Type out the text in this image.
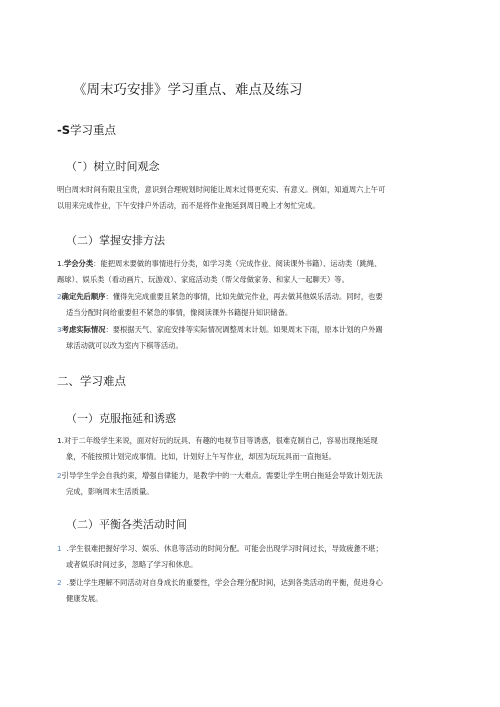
《周末巧安排》学习重点、难点及练习
-S学习重点
（¯）树立时间观念
明白周末时间有限且宝贵，意识到合理规划时间能让周末过得更充实、有意义。例如，知道周六上午可
以用来完成作业，下午安排户外活动，而不是将作业拖延到周日晚上才匆忙完成。
（二）掌握安排方法
1.学会分类：能把周末要做的事情进行分类，如学习类（完成作业、阅读课外书籍）、运动类（跳绳、
踢球）、娱乐类（看动画片、玩游戏）、家庭活动类（帮父母做家务、和家人一起聊天）等。
2确定先后顺序：懂得先完成重要且紧急的事情，比如先做完作业，再去做其他娱乐活动。同时，也要
适当分配时间给重要但不紧急的事情，像阅读课外书籍提升知识储备。
3考虑实际情况：要根据天气、家庭安排等实际情况调整周末计划。如果周末下雨，原本计划的户外踢
球活动就可以改为室内下棋等活动。
二、学习难点
（一）克服拖延和诱惑
1.对于二年级学生来说，面对好玩的玩具、有趣的电视节目等诱惑，很难克制自己，容易出现拖延现
象，不能按照计划完成事情。比如，计划好上午写作业，却因为玩玩具而一直拖延。
2引导学生学会自我约束，增强自律能力，是教学中的一大难点。需要让学生明白拖延会导致计划无法
完成，影响周末生活质量。
（二）平衡各类活动时间
1 .学生很难把握好学习、娱乐、休息等活动的时间分配。可能会出现学习时间过长，导致疲惫不堪；
或者娱乐时间过多，忽略了学习和休息。
2 .要让学生理解不同活动对自身成长的重要性，学会合理分配时间，达到各类活动的平衡，促进身心
健康发展。
